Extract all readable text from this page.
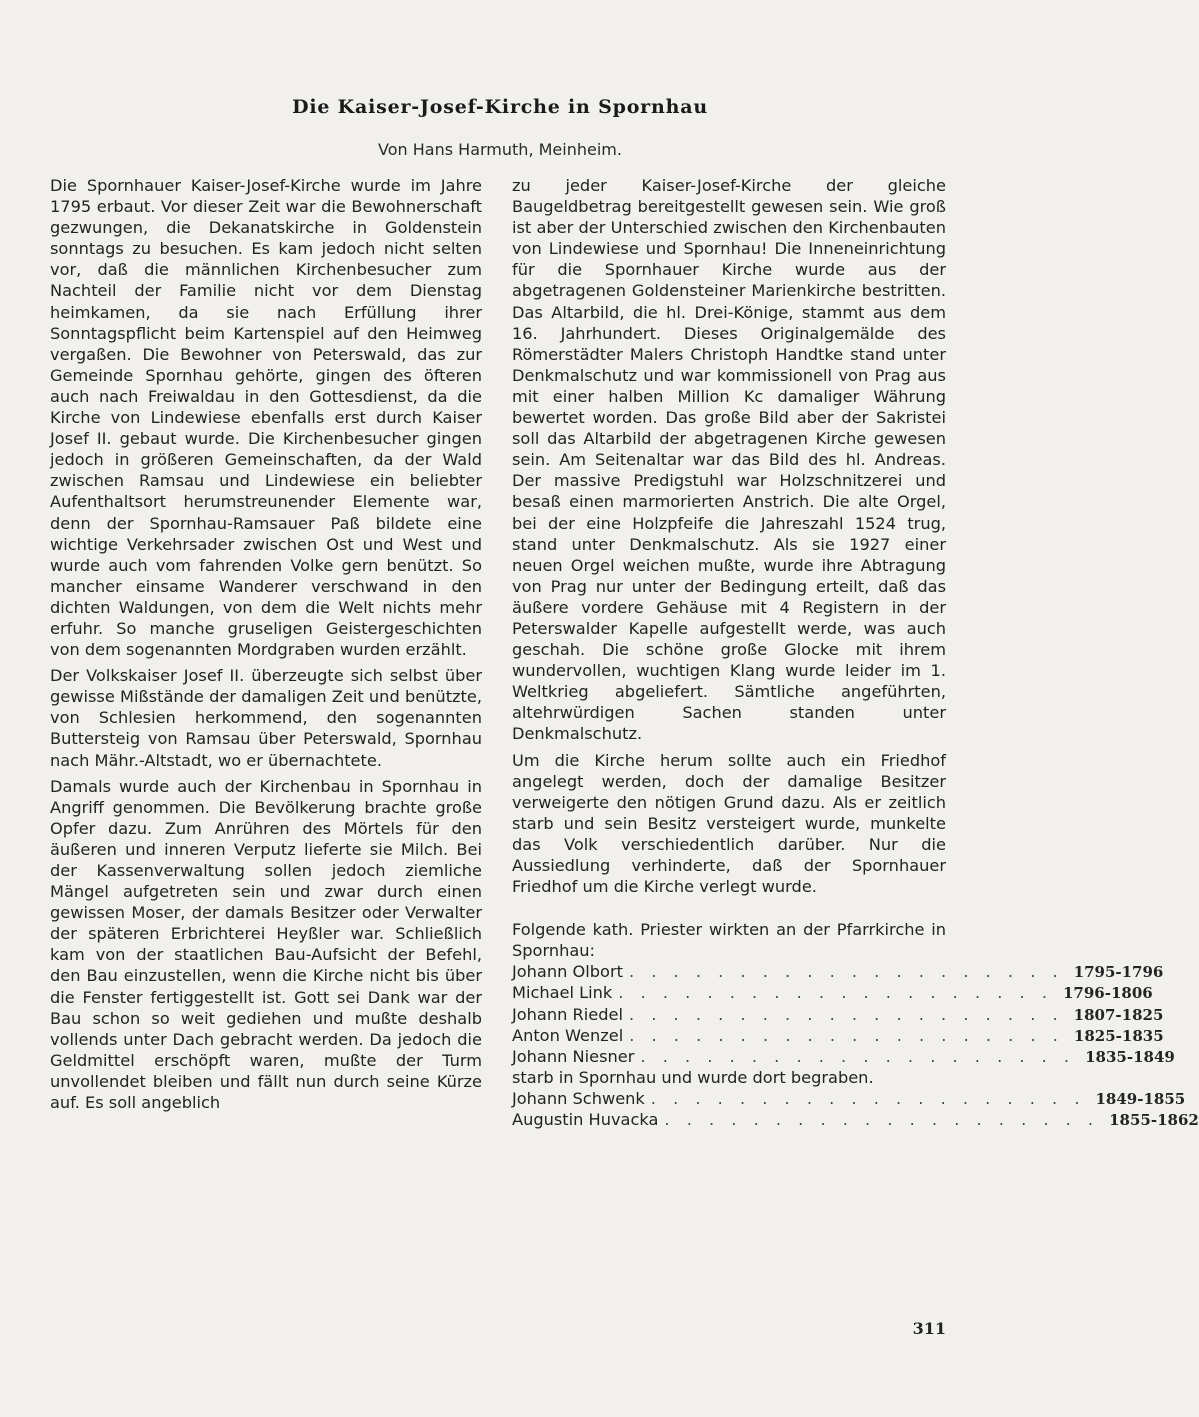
Die Kaiser-Josef-Kirche in Spornhau

Von Hans Harmuth, Meinheim.

Die Spornhauer Kaiser-Josef-Kirche wurde im Jahre 1795 erbaut. Vor dieser Zeit war die Bewohnerschaft gezwungen, die Dekanatskirche in Goldenstein sonntags zu besuchen. Es kam jedoch nicht selten vor, daß die männlichen Kirchenbesucher zum Nachteil der Familie nicht vor dem Dienstag heimkamen, da sie nach Erfüllung ihrer Sonntagspflicht beim Kartenspiel auf den Heimweg vergaßen. Die Bewohner von Peterswald, das zur Gemeinde Spornhau gehörte, gingen des öfteren auch nach Freiwaldau in den Gottesdienst, da die Kirche von Lindewiese ebenfalls erst durch Kaiser Josef II. gebaut wurde. Die Kirchenbesucher gingen jedoch in größeren Gemeinschaften, da der Wald zwischen Ramsau und Lindewiese ein beliebter Aufenthaltsort herumstreunender Elemente war, denn der Spornhau-Ramsauer Paß bildete eine wichtige Verkehrsader zwischen Ost und West und wurde auch vom fahrenden Volke gern benützt. So mancher einsame Wanderer verschwand in den dichten Waldungen, von dem die Welt nichts mehr erfuhr. So manche gruseligen Geistergeschichten von dem sogenannten Mordgraben wurden erzählt.

Der Volkskaiser Josef II. überzeugte sich selbst über gewisse Mißstände der damaligen Zeit und benützte, von Schlesien herkommend, den sogenannten Buttersteig von Ramsau über Peterswald, Spornhau nach Mähr.-Altstadt, wo er übernachtete.

Damals wurde auch der Kirchenbau in Spornhau in Angriff genommen. Die Bevölkerung brachte große Opfer dazu. Zum Anrühren des Mörtels für den äußeren und inneren Verputz lieferte sie Milch. Bei der Kassenverwaltung sollen jedoch ziemliche Mängel aufgetreten sein und zwar durch einen gewissen Moser, der damals Besitzer oder Verwalter der späteren Erbrichterei Heyßler war. Schließlich kam von der staatlichen Bau-Aufsicht der Befehl, den Bau einzustellen, wenn die Kirche nicht bis über die Fenster fertiggestellt ist. Gott sei Dank war der Bau schon so weit gediehen und mußte deshalb vollends unter Dach gebracht werden. Da jedoch die Geldmittel erschöpft waren, mußte der Turm unvollendet bleiben und fällt nun durch seine Kürze auf. Es soll angeblich

zu jeder Kaiser-Josef-Kirche der gleiche Baugeldbetrag bereitgestellt gewesen sein. Wie groß ist aber der Unterschied zwischen den Kirchenbauten von Lindewiese und Spornhau! Die Inneneinrichtung für die Spornhauer Kirche wurde aus der abgetragenen Goldensteiner Marienkirche bestritten. Das Altarbild, die hl. Drei-Könige, stammt aus dem 16. Jahrhundert. Dieses Originalgemälde des Römerstädter Malers Christoph Handtke stand unter Denkmalschutz und war kommissionell von Prag aus mit einer halben Million Kc damaliger Währung bewertet worden. Das große Bild aber der Sakristei soll das Altarbild der abgetragenen Kirche gewesen sein. Am Seitenaltar war das Bild des hl. Andreas. Der massive Predigstuhl war Holzschnitzerei und besaß einen marmorierten Anstrich. Die alte Orgel, bei der eine Holzpfeife die Jahreszahl 1524 trug, stand unter Denkmalschutz. Als sie 1927 einer neuen Orgel weichen mußte, wurde ihre Abtragung von Prag nur unter der Bedingung erteilt, daß das äußere vordere Gehäuse mit 4 Registern in der Peterswalder Kapelle aufgestellt werde, was auch geschah. Die schöne große Glocke mit ihrem wundervollen, wuchtigen Klang wurde leider im 1. Weltkrieg abgeliefert. Sämtliche angeführten, altehrwürdigen Sachen standen unter Denkmalschutz.

Um die Kirche herum sollte auch ein Friedhof angelegt werden, doch der damalige Besitzer verweigerte den nötigen Grund dazu. Als er zeitlich starb und sein Besitz versteigert wurde, munkelte das Volk verschiedentlich darüber. Nur die Aussiedlung verhinderte, daß der Spornhauer Friedhof um die Kirche verlegt wurde.

Folgende kath. Priester wirkten an der Pfarrkirche in Spornhau:

Johann Olbort . . . . . . . . . . . . . . . . . . . . 1795-1796
Michael Link . . . . . . . . . . . . . . . . . . . . 1796-1806
Johann Riedel . . . . . . . . . . . . . . . . . . . . 1807-1825
Anton Wenzel . . . . . . . . . . . . . . . . . . . . 1825-1835
Johann Niesner . . . . . . . . . . . . . . . . . . . . 1835-1849

starb in Spornhau und wurde dort begraben.

Johann Schwenk . . . . . . . . . . . . . . . . . . . . 1849-1855
Augustin Huvacka . . . . . . . . . . . . . . . . . . . . 1855-1862
311
